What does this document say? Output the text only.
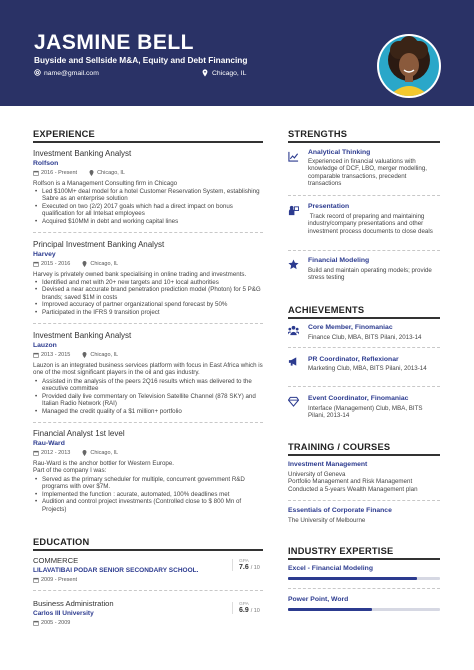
JASMINE BELL
Buyside and Sellside M&A, Equity and Debt Financing
name@gmail.com	Chicago, IL
EXPERIENCE
Investment Banking Analyst
Rolfson
2016 - Present	Chicago, IL
Rolfson is a Management Consulting firm in Chicago
• Led $100M+ deal model for a hotel Customer Reservation System, establishing Sabre as an enterprise solution
• Executed on two (2/2) 2017 goals which had a direct impact on bonus qualification for all Intelsat employees
• Acquired $10MM in debt and working capital lines
Principal Investment Banking Analyst
Harvey
2015 - 2016	Chicago, IL
Harvey is privately owned bank specialising in online trading and investments.
• Identified and met with 20+ new targets and 10+ local authorities
• Devised a near accurate brand penetration prediction model (Photon) for 5 P&G brands; saved $1M in costs
• Improved accuracy of partner organizational spend forecast by 50%
• Participated in the IFRS 9 transition project
Investment Banking Analyst
Lauzon
2013 - 2015	Chicago, IL
Lauzon is an integrated business services platform with focus in East Africa which is one of the most significant players in the oil and gas industry.
• Assisted in the analysis of the peers 2Q16 results which was delivered to the executive committee
• Provided daily live commentary on Television Satellite Channel (878 SKY) and Italian Radio Network (RAI)
• Managed the credit quality of a $1 million+ portfolio
Financial Analyst 1st level
Rau-Ward
2012 - 2013	Chicago, IL
Rau-Ward is the anchor bottler for Western Europe.
Part of the company I was:
• Served as the primary scheduler for multiple, concurrent government R&D programs with over $7M.
• Implemented the function : acurate, automated, 100% deadlines met
• Audition and control project investments (Controlled close to $ 800 Mn of Projects)
EDUCATION
COMMERCE
LILAVATIBAI PODAR SENIOR SECONDARY SCHOOL.
2009 - Present
GPA
7.6 / 10
Business Administration
Carlos III University
2005 - 2009
GPA
6.9 / 10
STRENGTHS
Analytical Thinking
Experienced in financial valuations with knowledge of DCF, LBO, merger modelling, comparable transactions, precedent transactions
Presentation
Track record of preparing and maintaining industry/company presentations and other investment process documents to close deals
Financial Modeling
Build and maintain operating models; provide stress testing
ACHIEVEMENTS
Core Member, Finomaniac
Finance Club, MBA, BITS Pilani, 2013-14
PR Coordinator, Reflexionar
Marketing Club, MBA, BITS Pilani, 2013-14
Event Coordinator, Finomaniac
Interface (Management) Club, MBA, BITS Pilani, 2013-14
TRAINING / COURSES
Investment Management
University of Geneva
Portfolio Management and Risk Management
Conducted a 5-years Wealth Management plan
Essentials of Corporate Finance
The University of Melbourne
INDUSTRY EXPERTISE
Excel - Financial Modeling
Power Point, Word
